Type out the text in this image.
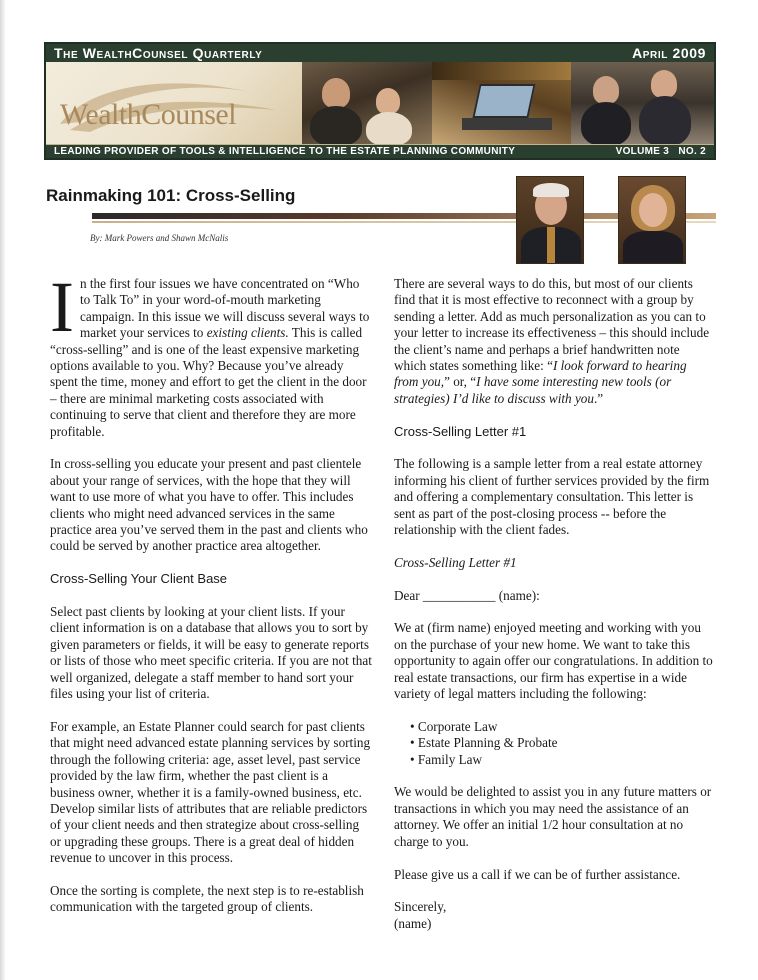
The WealthCounsel Quarterly	April 2009
WealthCounsel
LEADING PROVIDER OF TOOLS & INTELLIGENCE TO THE ESTATE PLANNING COMMUNITY	VOLUME 3   NO. 2
Rainmaking 101: Cross-Selling
By: Mark Powers and Shawn McNalis

In the first four issues we have concentrated on “Who to Talk To” in your word-of-mouth marketing campaign. In this issue we will discuss several ways to market your services to existing clients. This is called “cross-selling” and is one of the least expensive marketing options available to you. Why? Because you’ve already spent the time, money and effort to get the client in the door – there are minimal marketing costs associated with continuing to serve that client and therefore they are more profitable.

In cross-selling you educate your present and past clientele about your range of services, with the hope that they will want to use more of what you have to offer. This includes clients who might need advanced services in the same practice area you’ve served them in the past and clients who could be served by another practice area altogether.

Cross-Selling Your Client Base

Select past clients by looking at your client lists. If your client information is on a database that allows you to sort by given parameters or fields, it will be easy to generate reports or lists of those who meet specific criteria. If you are not that well organized, delegate a staff member to hand sort your files using your list of criteria.

For example, an Estate Planner could search for past clients that might need advanced estate planning services by sorting through the following criteria: age, asset level, past service provided by the law firm, whether the past client is a business owner, whether it is a family-owned business, etc. Develop similar lists of attributes that are reliable predictors of your client needs and then strategize about cross-selling or upgrading these groups. There is a great deal of hidden revenue to uncover in this process.

Once the sorting is complete, the next step is to re-establish communication with the targeted group of clients.

There are several ways to do this, but most of our clients find that it is most effective to reconnect with a group by sending a letter. Add as much personalization as you can to your letter to increase its effectiveness – this should include the client’s name and perhaps a brief handwritten note which states something like: “I look forward to hearing from you,” or, “I have some interesting new tools (or strategies) I’d like to discuss with you.”

Cross-Selling Letter #1

The following is a sample letter from a real estate attorney informing his client of further services provided by the firm and offering a complementary consultation. This letter is sent as part of the post-closing process -- before the relationship with the client fades.

Cross-Selling Letter #1

Dear ___________ (name):

We at (firm name) enjoyed meeting and working with you on the purchase of your new home. We want to take this opportunity to again offer our congratulations. In addition to real estate transactions, our firm has expertise in a wide variety of legal matters including the following:

• Corporate Law
• Estate Planning & Probate
• Family Law

We would be delighted to assist you in any future matters or transactions in which you may need the assistance of an attorney. We offer an initial 1/2 hour consultation at no charge to you.

Please give us a call if we can be of further assistance.

Sincerely,
(name)
